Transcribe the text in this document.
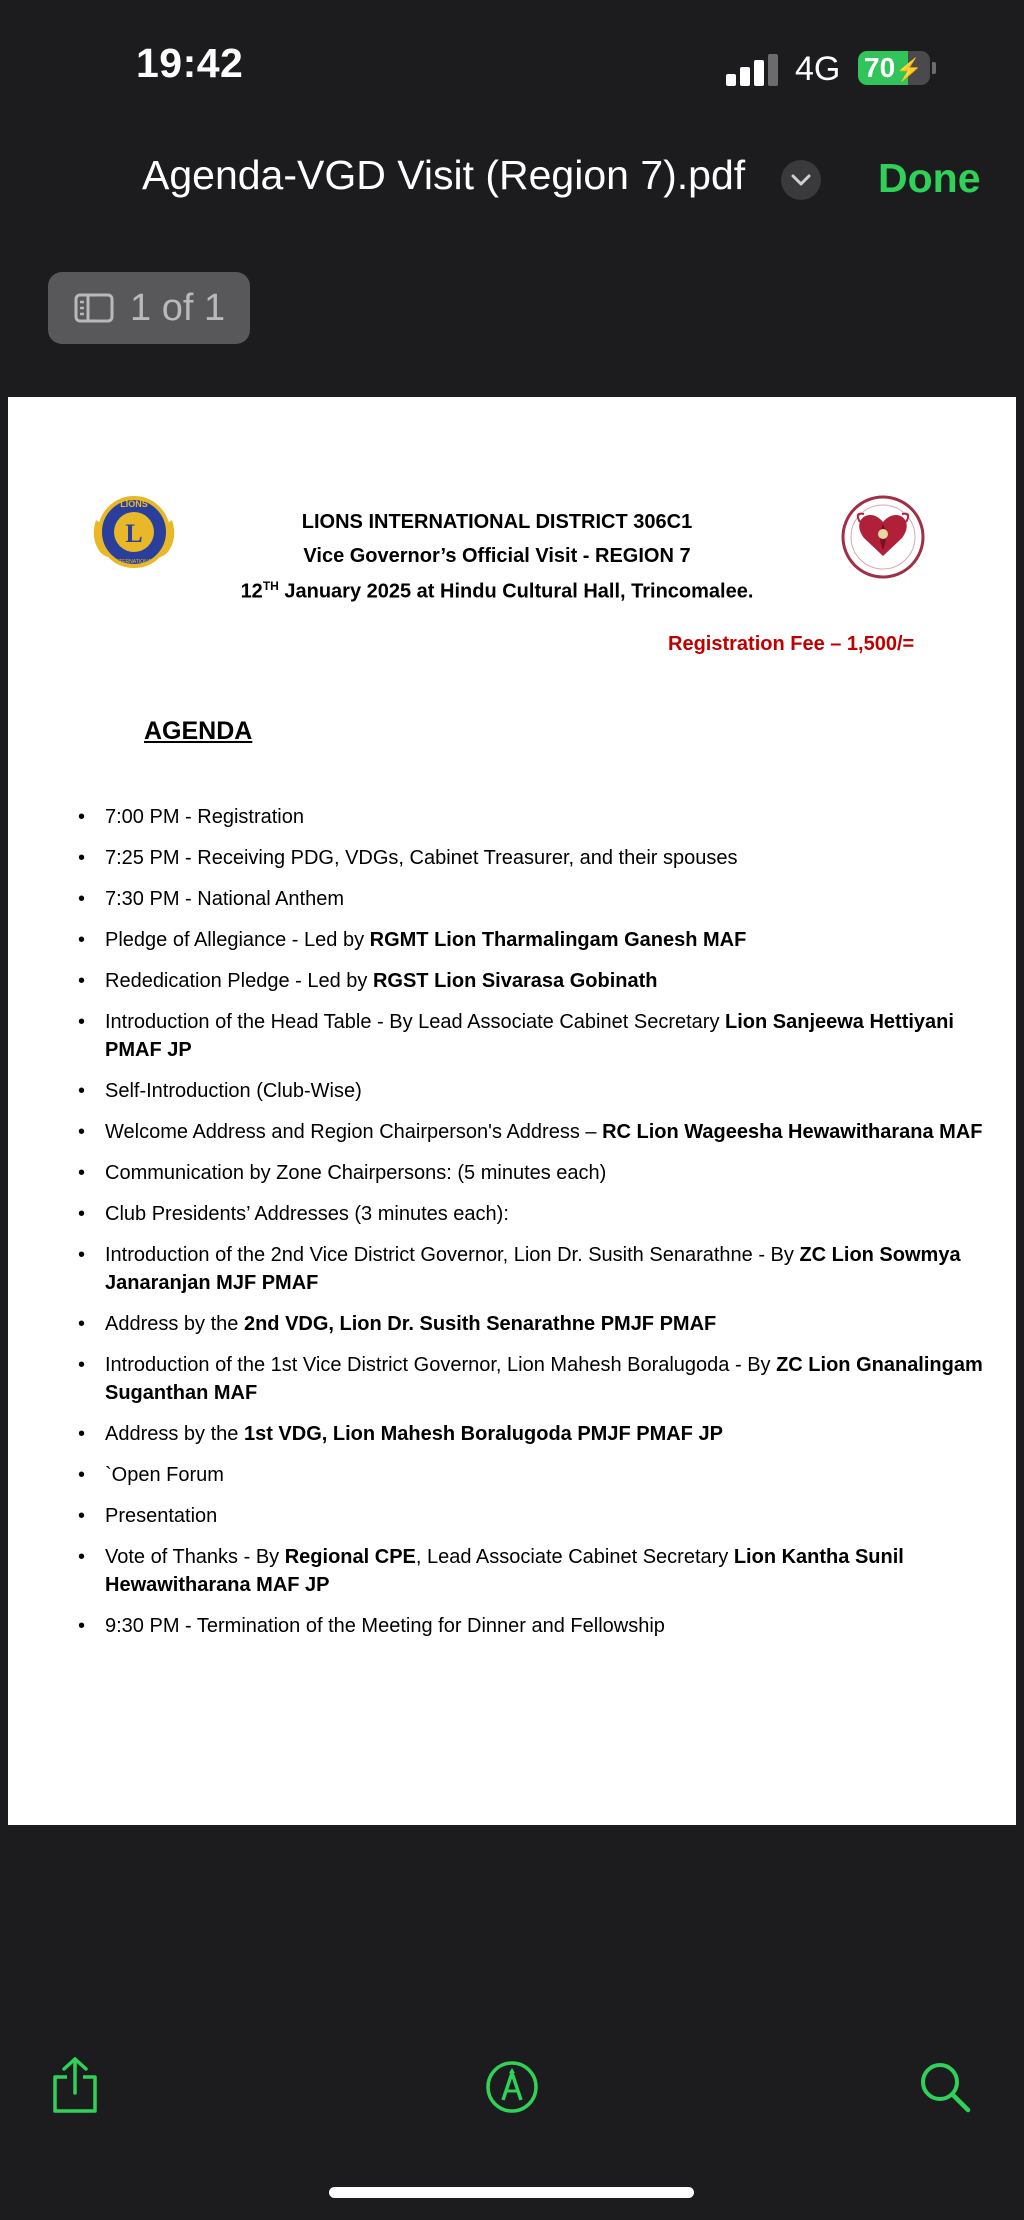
19:42	4G 70⚡
Agenda-VGD Visit (Region 7).pdf	Done
1 of 1
L
LIONS
INTERNATIONAL
LIONS INTERNATIONAL DISTRICT 306C1
Vice Governor’s Official Visit - REGION 7
12TH January 2025 at Hindu Cultural Hall, Trincomalee.
Registration Fee – 1,500/=
AGENDA
• 7:00 PM - Registration
• 7:25 PM - Receiving PDG, VDGs, Cabinet Treasurer, and their spouses
• 7:30 PM - National Anthem
• Pledge of Allegiance - Led by RGMT Lion Tharmalingam Ganesh MAF
• Rededication Pledge - Led by RGST Lion Sivarasa Gobinath
• Introduction of the Head Table - By Lead Associate Cabinet Secretary Lion Sanjeewa Hettiyani PMAF JP
• Self-Introduction (Club-Wise)
• Welcome Address and Region Chairperson's Address – RC Lion Wageesha Hewawitharana MAF
• Communication by Zone Chairpersons: (5 minutes each)
• Club Presidents’ Addresses (3 minutes each):
• Introduction of the 2nd Vice District Governor, Lion Dr. Susith Senarathne - By ZC Lion Sowmya Janaranjan MJF PMAF
• Address by the 2nd VDG, Lion Dr. Susith Senarathne PMJF PMAF
• Introduction of the 1st Vice District Governor, Lion Mahesh Boralugoda - By ZC Lion Gnanalingam Suganthan MAF
• Address by the 1st VDG, Lion Mahesh Boralugoda PMJF PMAF JP
• `Open Forum
• Presentation
• Vote of Thanks - By Regional CPE, Lead Associate Cabinet Secretary Lion Kantha Sunil Hewawitharana MAF JP
• 9:30 PM - Termination of the Meeting for Dinner and Fellowship
